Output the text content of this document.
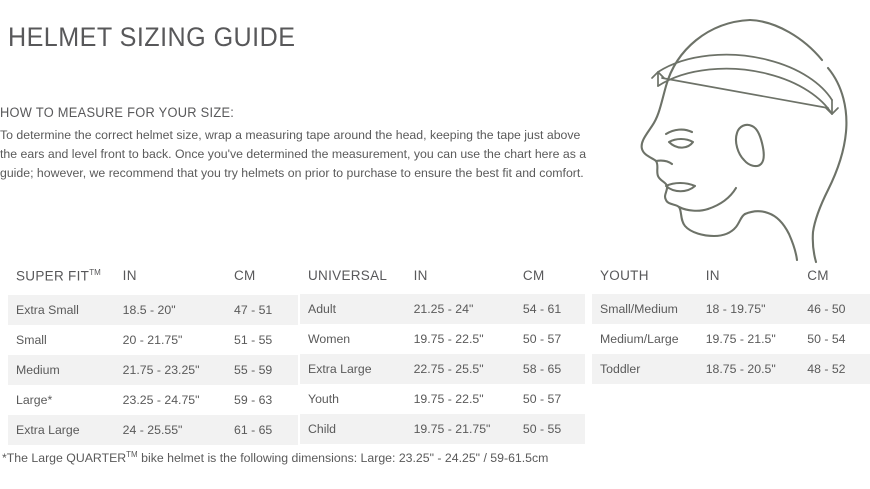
HELMET SIZING GUIDE
HOW TO MEASURE FOR YOUR SIZE:
To determine the correct helmet size, wrap a measuring tape around the head, keeping the tape just above the ears and level front to back. Once you've determined the measurement, you can use the chart here as a guide; however, we recommend that you try helmets on prior to purchase to ensure the best fit and comfort.
SUPER FIT™	IN	CM
Extra Small	18.5 - 20"	47 - 51
Small	20 - 21.75"	51 - 55
Medium	21.75 - 23.25"	55 - 59
Large*	23.25 - 24.75"	59 - 63
Extra Large	24 - 25.55"	61 - 65
UNIVERSAL	IN	CM
Adult	21.25 - 24"	54 - 61
Women	19.75 - 22.5"	50 - 57
Extra Large	22.75 - 25.5"	58 - 65
Youth	19.75 - 22.5"	50 - 57
Child	19.75 - 21.75"	50 - 55
YOUTH	IN	CM
Small/Medium	18 - 19.75"	46 - 50
Medium/Large	19.75 - 21.5"	50 - 54
Toddler	18.75 - 20.5"	48 - 52
*The Large QUARTER™ bike helmet is the following dimensions: Large: 23.25" - 24.25" / 59-61.5cm
